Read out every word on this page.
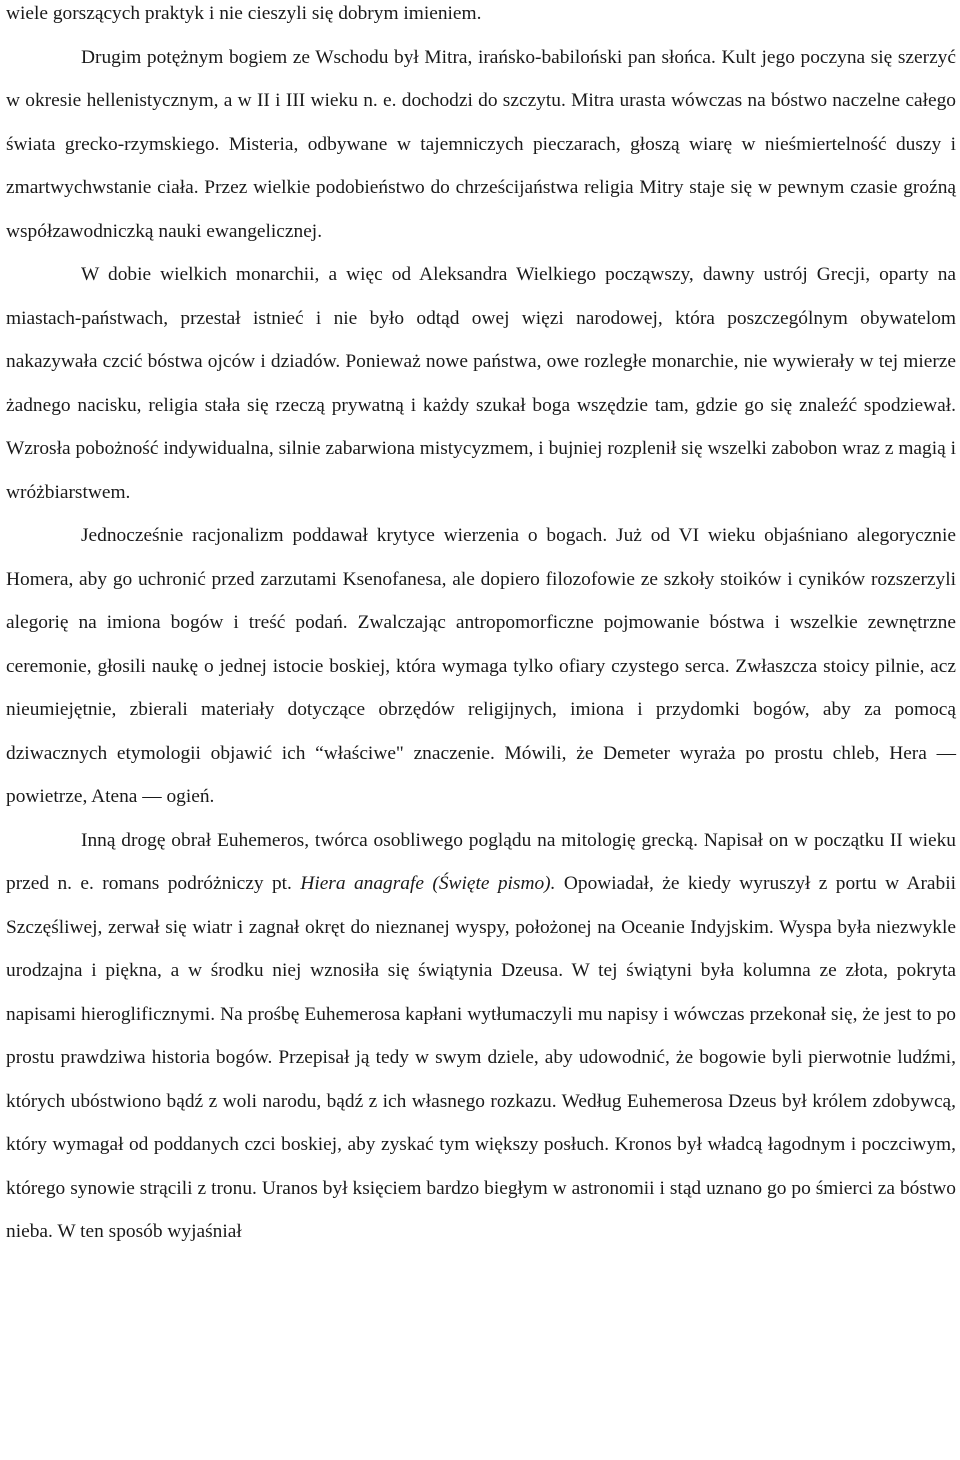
wiele gorszących praktyk i nie cieszyli się dobrym imieniem.

Drugim potężnym bogiem ze Wschodu był Mitra, irańsko-babiloński pan słońca. Kult jego poczyna się szerzyć w okresie hellenistycznym, a w II i III wieku n. e. dochodzi do szczytu. Mitra urasta wówczas na bóstwo naczelne całego świata grecko-rzymskiego. Misteria, odbywane w tajemniczych pieczarach, głoszą wiarę w nieśmiertelność duszy i zmartwychwstanie ciała. Przez wielkie podobieństwo do chrześcijaństwa religia Mitry staje się w pewnym czasie groźną współzawodniczką nauki ewangelicznej.

W dobie wielkich monarchii, a więc od Aleksandra Wielkiego począwszy, dawny ustrój Grecji, oparty na miastach-państwach, przestał istnieć i nie było odtąd owej więzi narodowej, która poszczególnym obywatelom nakazywała czcić bóstwa ojców i dziadów. Ponieważ nowe państwa, owe rozległe monarchie, nie wywierały w tej mierze żadnego nacisku, religia stała się rzeczą prywatną i każdy szukał boga wszędzie tam, gdzie go się znaleźć spodziewał. Wzrosła pobożność indywidualna, silnie zabarwiona mistycyzmem, i bujniej rozplenił się wszelki zabobon wraz z magią i wróżbiarstwem.

Jednocześnie racjonalizm poddawał krytyce wierzenia o bogach. Już od VI wieku objaśniano alegorycznie Homera, aby go uchronić przed zarzutami Ksenofanesa, ale dopiero filozofowie ze szkoły stoików i cyników rozszerzyli alegorię na imiona bogów i treść podań. Zwalczając antropomorficzne pojmowanie bóstwa i wszelkie zewnętrzne ceremonie, głosili naukę o jednej istocie boskiej, która wymaga tylko ofiary czystego serca. Zwłaszcza stoicy pilnie, acz nieumiejętnie, zbierali materiały dotyczące obrzędów religijnych, imiona i przydomki bogów, aby za pomocą dziwacznych etymologii objawić ich “właściwe" znaczenie. Mówili, że Demeter wyraża po prostu chleb, Hera — powietrze, Atena — ogień.

Inną drogę obrał Euhemeros, twórca osobliwego poglądu na mitologię grecką. Napisał on w początku II wieku przed n. e. romans podróżniczy pt. Hiera anagrafe (Święte pismo). Opowiadał, że kiedy wyruszył z portu w Arabii Szczęśliwej, zerwał się wiatr i zagnał okręt do nieznanej wyspy, położonej na Oceanie Indyjskim. Wyspa była niezwykle urodzajna i piękna, a w środku niej wznosiła się świątynia Dzeusa. W tej świątyni była kolumna ze złota, pokryta napisami hieroglificznymi. Na prośbę Euhemerosa kapłani wytłumaczyli mu napisy i wówczas przekonał się, że jest to po prostu prawdziwa historia bogów. Przepisał ją tedy w swym dziele, aby udowodnić, że bogowie byli pierwotnie ludźmi, których ubóstwiono bądź z woli narodu, bądź z ich własnego rozkazu. Według Euhemerosa Dzeus był królem zdobywcą, który wymagał od poddanych czci boskiej, aby zyskać tym większy posłuch. Kronos był władcą łagodnym i poczciwym, którego synowie strącili z tronu. Uranos był księciem bardzo biegłym w astronomii i stąd uznano go po śmierci za bóstwo nieba. W ten sposób wyjaśniał
